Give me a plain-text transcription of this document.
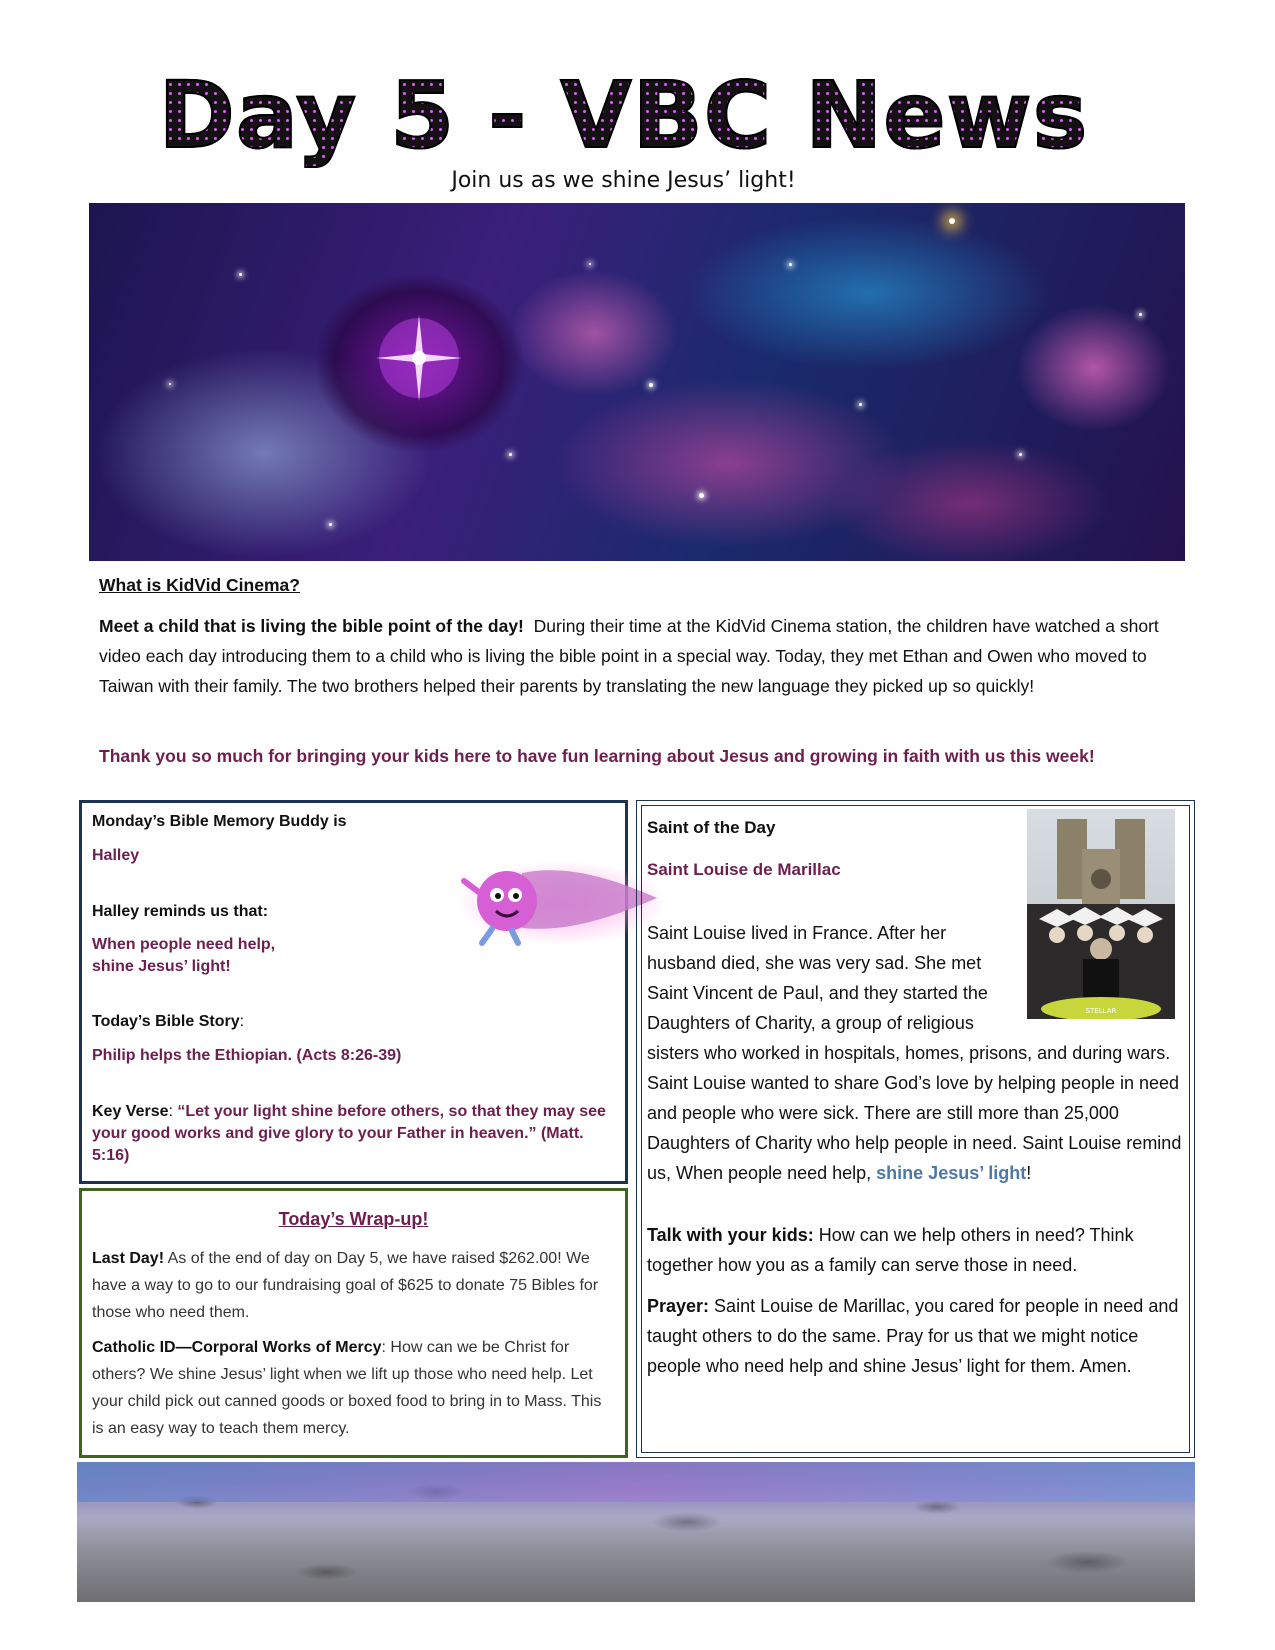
Day 5 - VBC News
Join us as we shine Jesus’ light!
What is KidVid Cinema?
Meet a child that is living the bible point of the day! During their time at the KidVid Cinema station, the children have watched a short video each day introducing them to a child who is living the bible point in a special way. Today, they met Ethan and Owen who moved to Taiwan with their family. The two brothers helped their parents by translating the new language they picked up so quickly!
Thank you so much for bringing your kids here to have fun learning about Jesus and growing in faith with us this week!
Monday’s Bible Memory Buddy is
Halley
Halley reminds us that:
When people need help,
shine Jesus’ light!
Today’s Bible Story:
Philip helps the Ethiopian. (Acts 8:26-39)
Key Verse: “Let your light shine before others, so that they may see your good works and give glory to your Father in heaven.” (Matt. 5:16)
Today’s Wrap-up!
Last Day! As of the end of day on Day 5, we have raised $262.00! We have a way to go to our fundraising goal of $625 to donate 75 Bibles for those who need them.
Catholic ID—Corporal Works of Mercy: How can we be Christ for others? We shine Jesus’ light when we lift up those who need help. Let your child pick out canned goods or boxed food to bring in to Mass. This is an easy way to teach them mercy.
Saint of the Day
Saint Louise de Marillac
Saint Louise lived in France. After her
husband died, she was very sad. She met
Saint Vincent de Paul, and they started the
Daughters of Charity, a group of religious
sisters who worked in hospitals, homes, prisons, and during wars. Saint Louise wanted to share God’s love by helping people in need and people who were sick. There are still more than 25,000 Daughters of Charity who help people in need. Saint Louise remind us, When people need help, shine Jesus’ light!
Talk with your kids: How can we help others in need? Think together how you as a family can serve those in need.
Prayer: Saint Louise de Marillac, you cared for people in need and taught others to do the same. Pray for us that we might notice people who need help and shine Jesus’ light for them. Amen.
STELLAR
